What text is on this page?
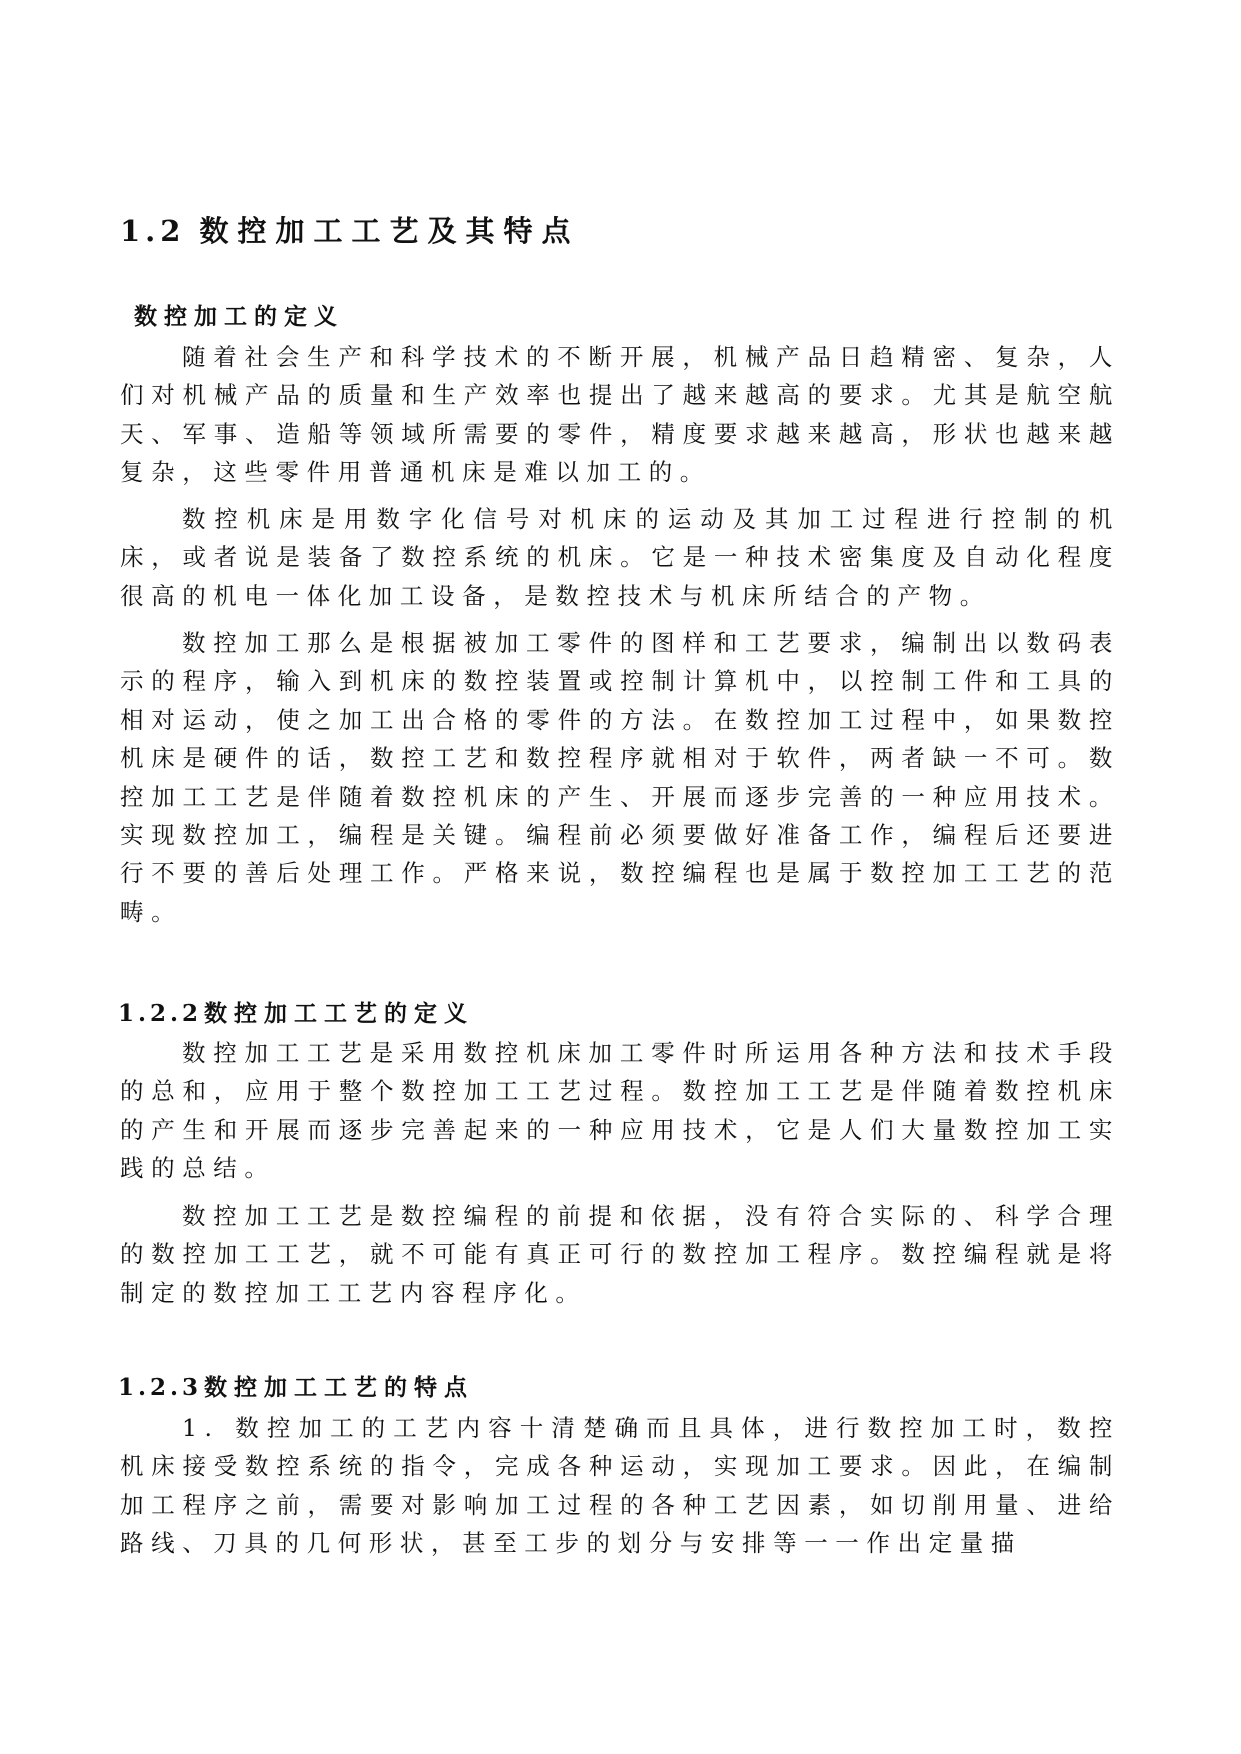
1.2 数控加工工艺及其特点
数控加工的定义

随着社会生产和科学技术的不断开展，机械产品日趋精密、复杂，人们对机械产品的质量和生产效率也提出了越来越高的要求。尤其是航空航天、军事、造船等领域所需要的零件，精度要求越来越高，形状也越来越复杂，这些零件用普通机床是难以加工的。

数控机床是用数字化信号对机床的运动及其加工过程进行控制的机床，或者说是装备了数控系统的机床。它是一种技术密集度及自动化程度很高的机电一体化加工设备，是数控技术与机床所结合的产物。

数控加工那么是根据被加工零件的图样和工艺要求，编制出以数码表示的程序，输入到机床的数控装置或控制计算机中，以控制工件和工具的相对运动，使之加工出合格的零件的方法。在数控加工过程中，如果数控机床是硬件的话，数控工艺和数控程序就相对于软件，两者缺一不可。数控加工工艺是伴随着数控机床的产生、开展而逐步完善的一种应用技术。实现数控加工，编程是关键。编程前必须要做好准备工作，编程后还要进行不要的善后处理工作。严格来说，数控编程也是属于数控加工工艺的范畴。

1.2.2数控加工工艺的定义

数控加工工艺是采用数控机床加工零件时所运用各种方法和技术手段的总和，应用于整个数控加工工艺过程。数控加工工艺是伴随着数控机床的产生和开展而逐步完善起来的一种应用技术，它是人们大量数控加工实践的总结。

数控加工工艺是数控编程的前提和依据，没有符合实际的、科学合理的数控加工工艺，就不可能有真正可行的数控加工程序。数控编程就是将制定的数控加工工艺内容程序化。

1.2.3数控加工工艺的特点

1. 数控加工的工艺内容十清楚确而且具体，进行数控加工时，数控机床接受数控系统的指令，完成各种运动，实现加工要求。因此，在编制加工程序之前，需要对影响加工过程的各种工艺因素，如切削用量、进给路线、刀具的几何形状，甚至工步的划分与安排等一一作出定量描
